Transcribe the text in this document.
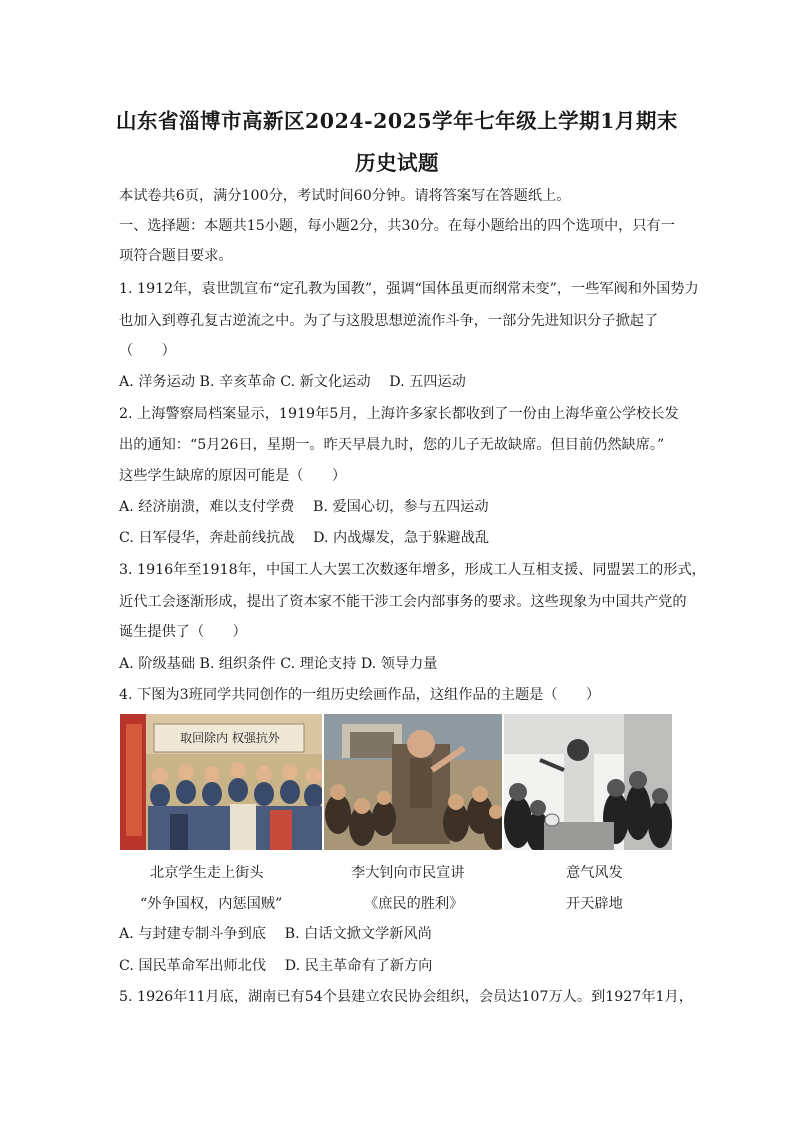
山东省淄博市高新区2024-2025学年七年级上学期1月期末
历史试题
本试卷共6页，满分100分，考试时间60分钟。请将答案写在答题纸上。
一、选择题：本题共15小题，每小题2分，共30分。在每小题给出的四个选项中，只有一
项符合题目要求。
1. 1912年，袁世凯宣布“定孔教为国教”，强调“国体虽更而纲常未变”，一些军阀和外国势力
也加入到尊孔复古逆流之中。为了与这股思想逆流作斗争，一部分先进知识分子掀起了
（　　）
A. 洋务运动 B. 辛亥革命 C. 新文化运动　 D. 五四运动
2. 上海警察局档案显示，1919年5月，上海许多家长都收到了一份由上海华童公学校长发
出的通知：“5月26日，星期一。昨天早晨九时，您的儿子无故缺席。但目前仍然缺席。”
这些学生缺席的原因可能是（　　）
A. 经济崩溃，难以支付学费　 B. 爱国心切，参与五四运动
C. 日军侵华，奔赴前线抗战　 D. 内战爆发，急于躲避战乱
3. 1916年至1918年，中国工人大罢工次数逐年增多，形成工人互相支援、同盟罢工的形式，
近代工会逐渐形成，提出了资本家不能干涉工会内部事务的要求。这些现象为中国共产党的
诞生提供了（　　）
A. 阶级基础 B. 组织条件 C. 理论支持 D. 领导力量
4. 下图为3班同学共同创作的一组历史绘画作品，这组作品的主题是（　　）
取回除内 权强抗外
北京学生走上街头
“外争国权，内惩国贼”
李大钊向市民宣讲
《庶民的胜利》
意气风发
开天辟地
A. 与封建专制斗争到底　 B. 白话文掀文学新风尚
C. 国民革命军出师北伐　 D. 民主革命有了新方向
5. 1926年11月底，湖南已有54个县建立农民协会组织，会员达107万人。到1927年1月，
